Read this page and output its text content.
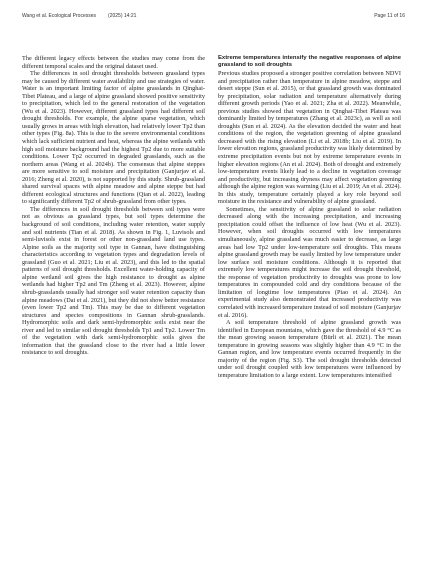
Wang et al. Ecological Processes (2025) 14:21	Page 11 of 16

The different legacy effects between the studies may come from the different temporal scales and the original dataset used.

The differences in soil drought thresholds between grassland types may be caused by different water availability and use strategies of water. Water is an important limiting factor of alpine grasslands in Qinghai-Tibet Plateau, and a large of alpine grassland showed positive sensitivity to precipitation, which led to the general restoration of the vegetation (Wu et al. 2023). However, different grassland types had different soil drought thresholds. For example, the alpine sparse vegetation, which usually grows in areas with high elevation, had relatively lower Tp2 than other types (Fig. 8a). This is due to the severe environmental conditions which lack sufficient nutrient and heat, whereas the alpine wetlands with high soil moisture background had the highest Tp2 due to more suitable conditions. Lower Tp2 occurred in degraded grasslands, such as the northern areas (Wang et al. 2024b). The consensus that alpine steppes are more sensitive to soil moisture and precipitation (Ganjurjav et al. 2016; Zheng et al. 2020), is not supported by this study. Shrub-grassland shared survival spaces with alpine meadow and alpine steppe but had different ecological structures and functions (Qian et al. 2022), leading to significantly different Tp2 of shrub-grassland from other types.

The differences in soil drought thresholds between soil types were not as obvious as grassland types, but soil types determine the background of soil conditions, including water retention, water supply and soil nutrients (Tian et al. 2018). As shown in Fig. 1, Luvisols and semi-luvisols exist in forest or other non-grassland land use types. Alpine soils as the majority soil type in Gannan, have distinguishing characteristics according to vegetation types and degradation levels of grassland (Guo et al. 2021; Liu et al. 2023), and this led to the spatial patterns of soil drought thresholds. Excellent water-holding capacity of alpine wetland soil gives the high resistance to drought as alpine wetlands had higher Tp2 and Tm (Zheng et al. 2023). However, alpine shrub-grasslands usually had stronger soil water retention capacity than alpine meadows (Dai et al. 2021), but they did not show better resistance (even lower Tp2 and Tm). This may be due to different vegetation structures and species compositions in Gannan shrub-grasslands. Hydromorphic soils and dark semi-hydromorphic soils exist near the river and led to similar soil drought thresholds Tp1 and Tp2. Lower Tm of the vegetation with dark semi-hydromorphic soils gives the information that the grassland close to the river had a little lower resistance to soil droughts.

Extreme temperatures intensify the negative responses of alpine grassland to soil droughts

Previous studies proposed a stronger positive correlation between NDVI and precipitation rather than temperature in alpine meadow, steppe and desert steppe (Sun et al. 2015), or that grassland growth was dominated by precipitation, solar radiation and temperature alternatively during different growth periods (Yao et al. 2021; Zha et al. 2022). Meanwhile, previous studies showed that vegetation in Qinghai-Tibet Plateau was dominantly limited by temperatures (Zhang et al. 2023c), as well as soil droughts (Sun et al. 2024). As the elevation decided the water and heat conditions of the region, the vegetation greening of alpine grassland decreased with the rising elevation (Li et al. 2018b; Liu et al. 2019). In lower elevation regions, grassland productivity was likely determined by extreme precipitation events but not by extreme temperature events in higher elevation regions (An et al. 2024). Both of drought and extremely low-temperature events likely lead to a decline in vegetation coverage and productivity, but increasing dryness may affect vegetation greening although the alpine region was warming (Liu et al. 2019; An et al. 2024). In this study, temperature certainly played a key role beyond soil moisture in the resistance and vulnerability of alpine grassland.

Sometimes, the sensitivity of alpine grassland to solar radiation decreased along with the increasing precipitation, and increasing precipitation could offset the influence of low heat (Wu et al. 2023). However, when soil droughts occurred with low temperatures simultaneously, alpine grassland was much easier to decrease, as large areas had low Tp2 under low-temperature soil droughts. This means alpine grassland growth may be easily limited by low temperature under low surface soil moisture conditions. Although it is reported that extremely low temperatures might increase the soil drought threshold, the response of vegetation productivity to droughts was prone to low temperatures in compounded cold and dry conditions because of the limitation of longtime low temperatures (Piao et al. 2024). An experimental study also demonstrated that increased productivity was correlated with increased temperature instead of soil moisture (Ganjurjav et al. 2016).

A soil temperature threshold of alpine grassland growth was identified in European mountains, which gave the threshold of 4.9 °C as the mean growing season temperature (Bürli et al. 2021). The mean temperature in growing seasons was slightly higher than 4.9 °C in the Gannan region, and low temperature events occurred frequently in the majority of the region (Fig. S3). The soil drought thresholds detected under soil drought coupled with low temperatures were influenced by temperature limitation to a large extent. Low temperatures intensified
